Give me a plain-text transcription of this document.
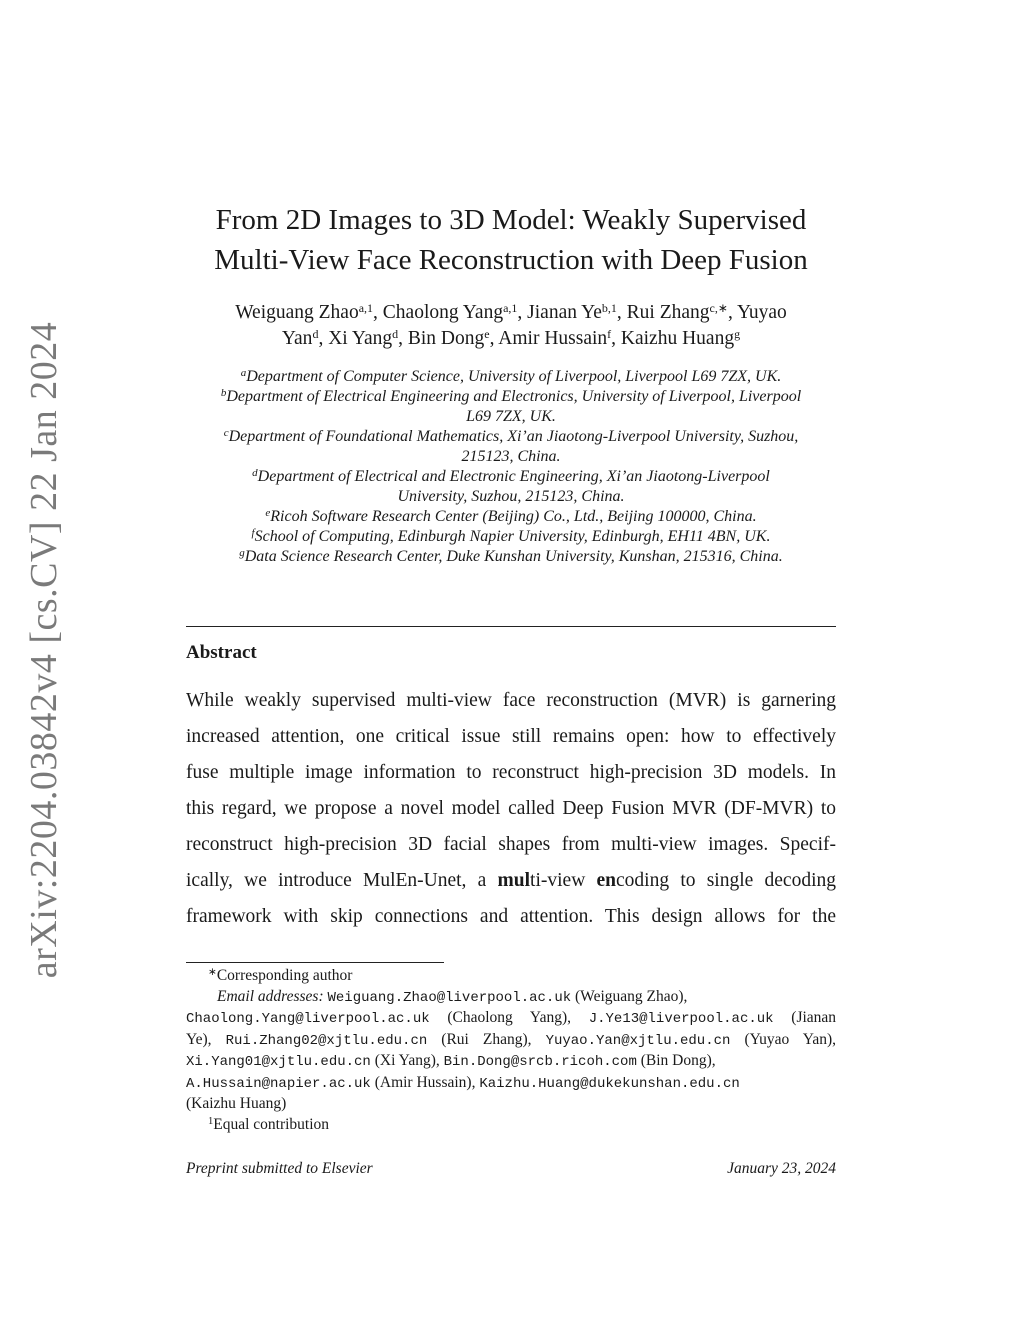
arXiv:2204.03842v4 [cs.CV] 22 Jan 2024
From 2D Images to 3D Model: Weakly Supervised
Multi-View Face Reconstruction with Deep Fusion
Weiguang Zhao$^{a,1}$, Chaolong Yang$^{a,1}$, Jianan Ye$^{b,1}$, Rui Zhang$^{c,∗}$, Yuyao
Yan$^d$, Xi Yang$^d$, Bin Dong$^e$, Amir Hussain$^f$, Kaizhu Huang$^g$
$^a$Department of Computer Science, University of Liverpool, Liverpool L69 7ZX, UK.
$^b$Department of Electrical Engineering and Electronics, University of Liverpool, Liverpool
L69 7ZX, UK.
$^c$Department of Foundational Mathematics, Xi’an Jiaotong-Liverpool University, Suzhou,
215123, China.
$^d$Department of Electrical and Electronic Engineering, Xi’an Jiaotong-Liverpool
University, Suzhou, 215123, China.
$^e$Ricoh Software Research Center (Beijing) Co., Ltd., Beijing 100000, China.
$^f$School of Computing, Edinburgh Napier University, Edinburgh, EH11 4BN, UK.
$^g$Data Science Research Center, Duke Kunshan University, Kunshan, 215316, China.
Abstract
While weakly supervised multi-view face reconstruction (MVR) is garnering
increased attention, one critical issue still remains open: how to effectively
fuse multiple image information to reconstruct high-precision 3D models. In
this regard, we propose a novel model called Deep Fusion MVR (DF-MVR) to
reconstruct high-precision 3D facial shapes from multi-view images. Specif-
ically, we introduce MulEn-Unet, a multi-view encoding to single decoding
framework with skip connections and attention. This design allows for the
∗Corresponding author
Email addresses: Weiguang.Zhao@liverpool.ac.uk (Weiguang Zhao),
Chaolong.Yang@liverpool.ac.uk (Chaolong Yang), J.Ye13@liverpool.ac.uk (Jianan
Ye), Rui.Zhang02@xjtlu.edu.cn (Rui Zhang), Yuyao.Yan@xjtlu.edu.cn (Yuyao Yan),
Xi.Yang01@xjtlu.edu.cn (Xi Yang), Bin.Dong@srcb.ricoh.com (Bin Dong),
A.Hussain@napier.ac.uk (Amir Hussain), Kaizhu.Huang@dukekunshan.edu.cn
(Kaizhu Huang)
$^1$Equal contribution
Preprint submitted to Elsevier	January 23, 2024
